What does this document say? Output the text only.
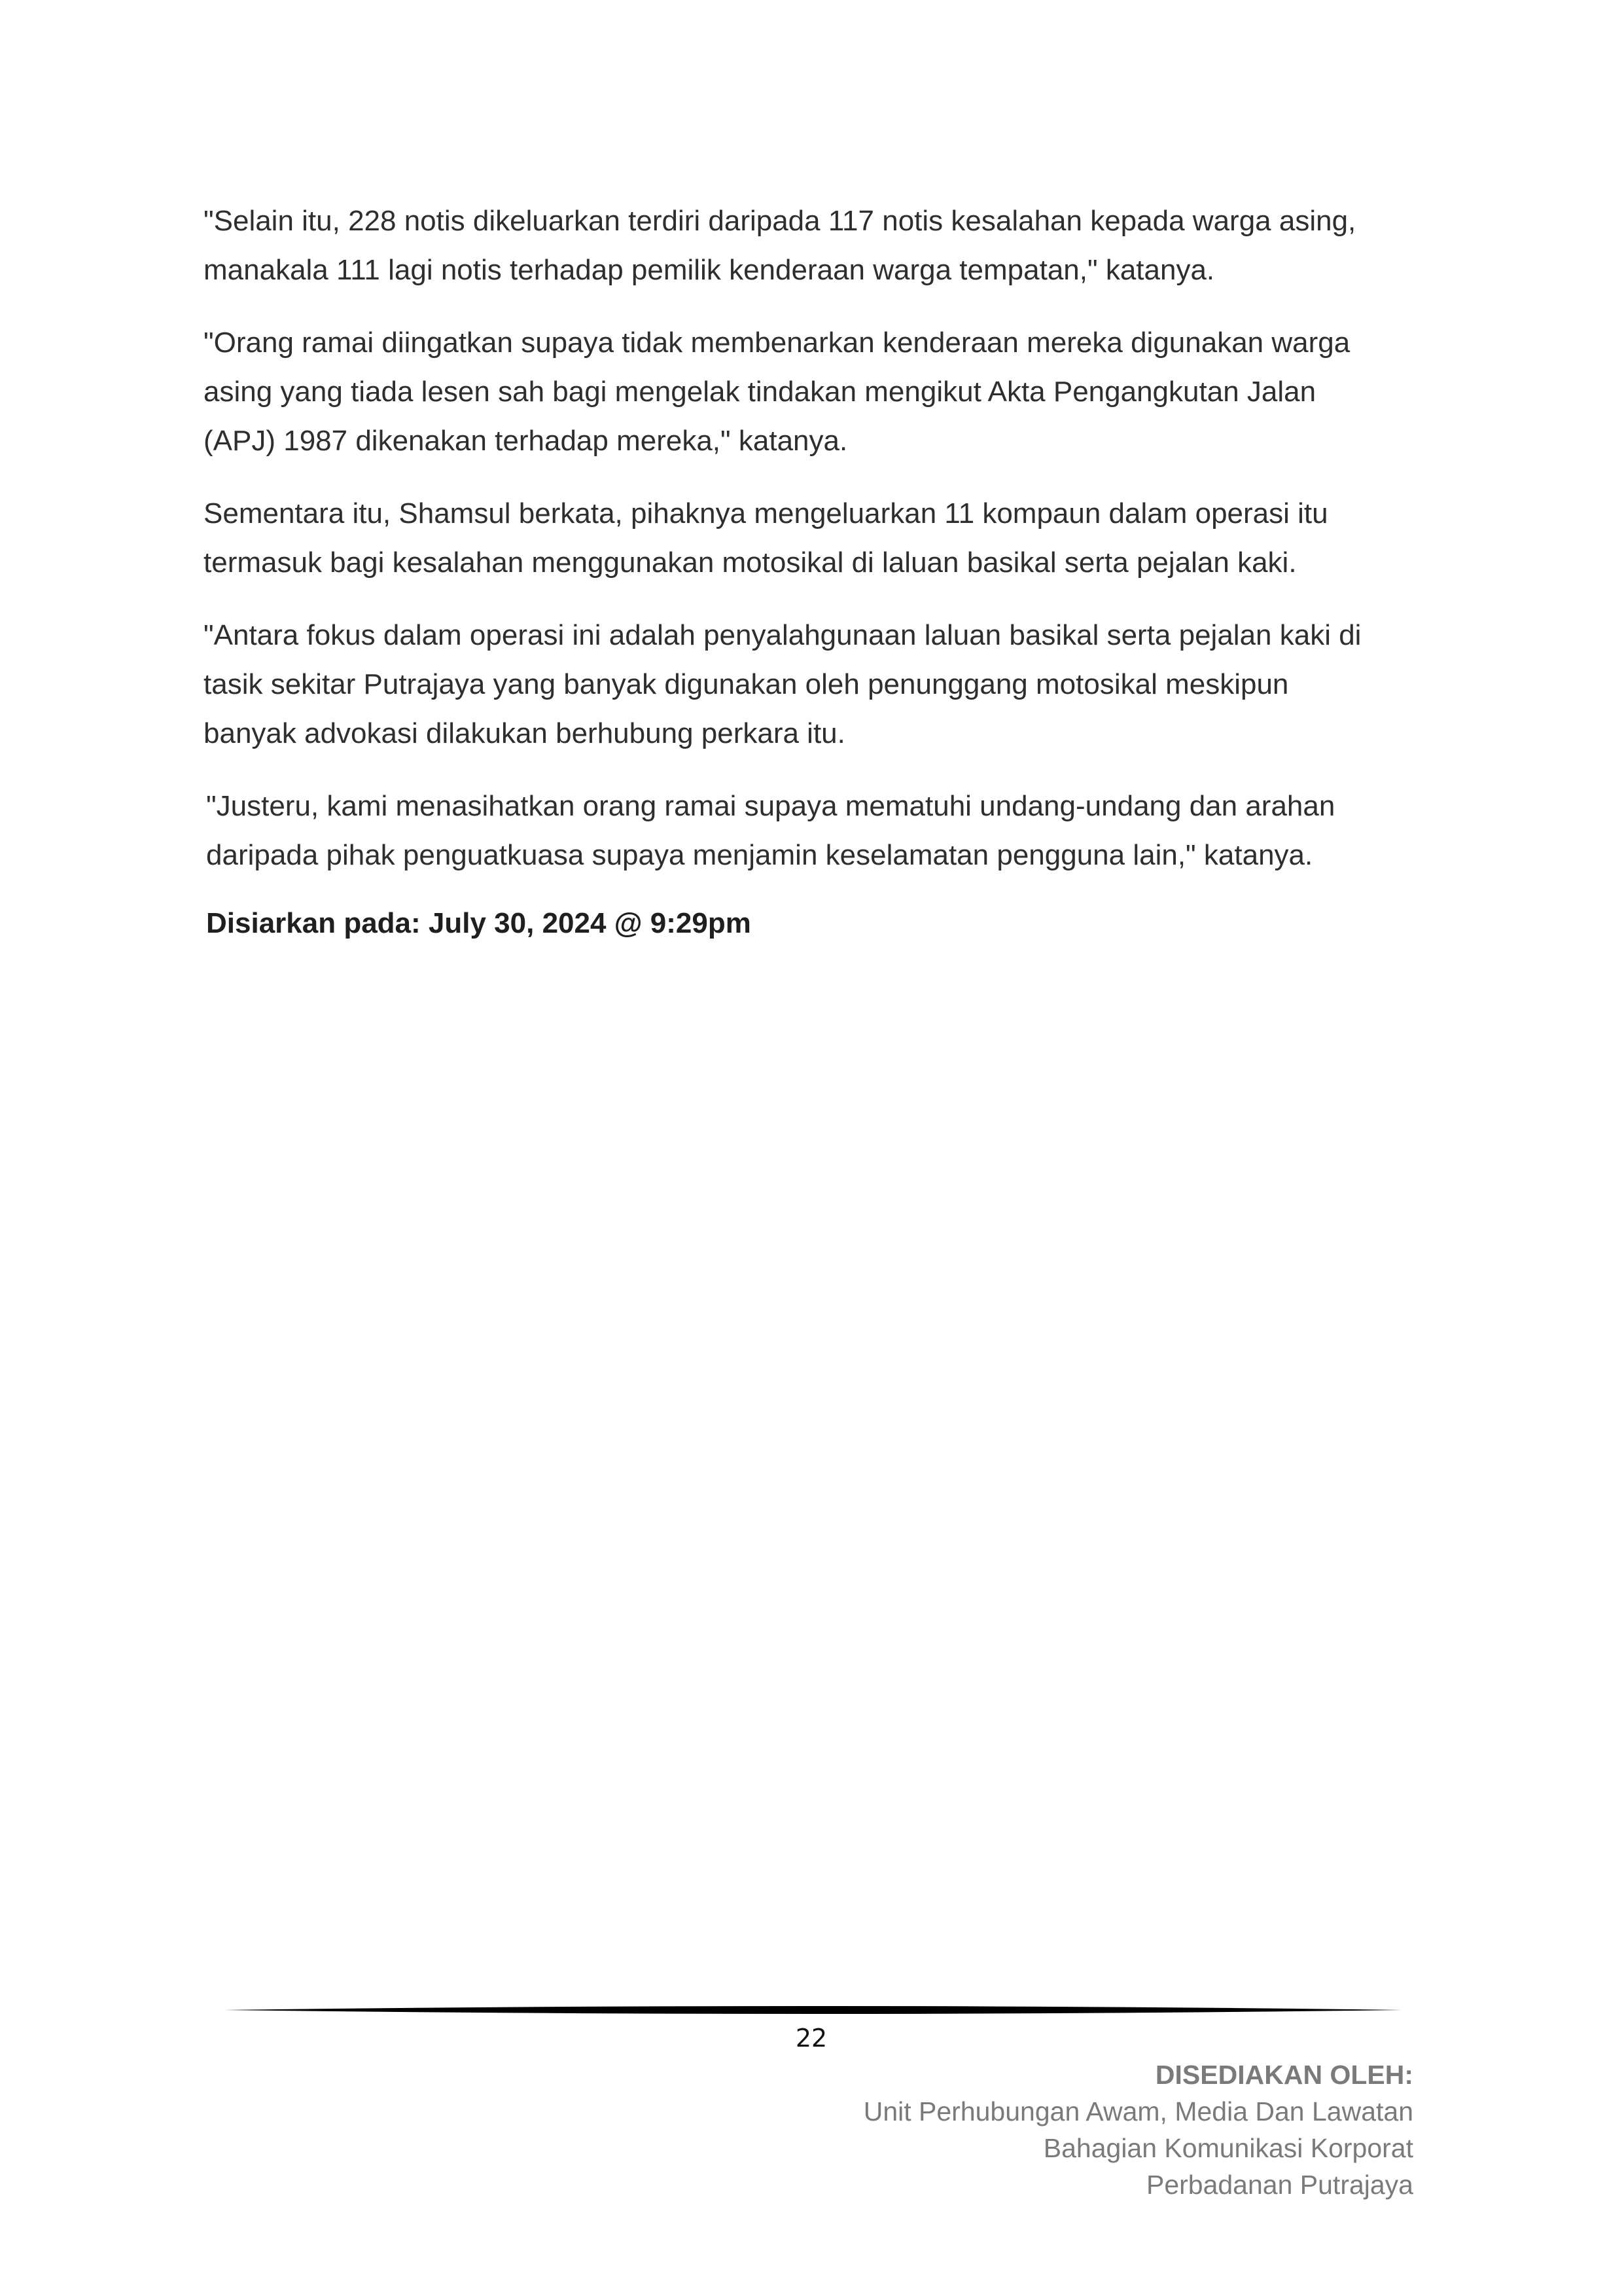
"Selain itu, 228 notis dikeluarkan terdiri daripada 117 notis kesalahan kepada warga asing,
manakala 111 lagi notis terhadap pemilik kenderaan warga tempatan," katanya.

"Orang ramai diingatkan supaya tidak membenarkan kenderaan mereka digunakan warga
asing yang tiada lesen sah bagi mengelak tindakan mengikut Akta Pengangkutan Jalan
(APJ) 1987 dikenakan terhadap mereka," katanya.

Sementara itu, Shamsul berkata, pihaknya mengeluarkan 11 kompaun dalam operasi itu
termasuk bagi kesalahan menggunakan motosikal di laluan basikal serta pejalan kaki.

"Antara fokus dalam operasi ini adalah penyalahgunaan laluan basikal serta pejalan kaki di
tasik sekitar Putrajaya yang banyak digunakan oleh penunggang motosikal meskipun
banyak advokasi dilakukan berhubung perkara itu.

"Justeru, kami menasihatkan orang ramai supaya mematuhi undang-undang dan arahan
daripada pihak penguatkuasa supaya menjamin keselamatan pengguna lain," katanya.

Disiarkan pada: July 30, 2024 @ 9:29pm
22
DISEDIAKAN OLEH:
Unit Perhubungan Awam, Media Dan Lawatan
Bahagian Komunikasi Korporat
Perbadanan Putrajaya
